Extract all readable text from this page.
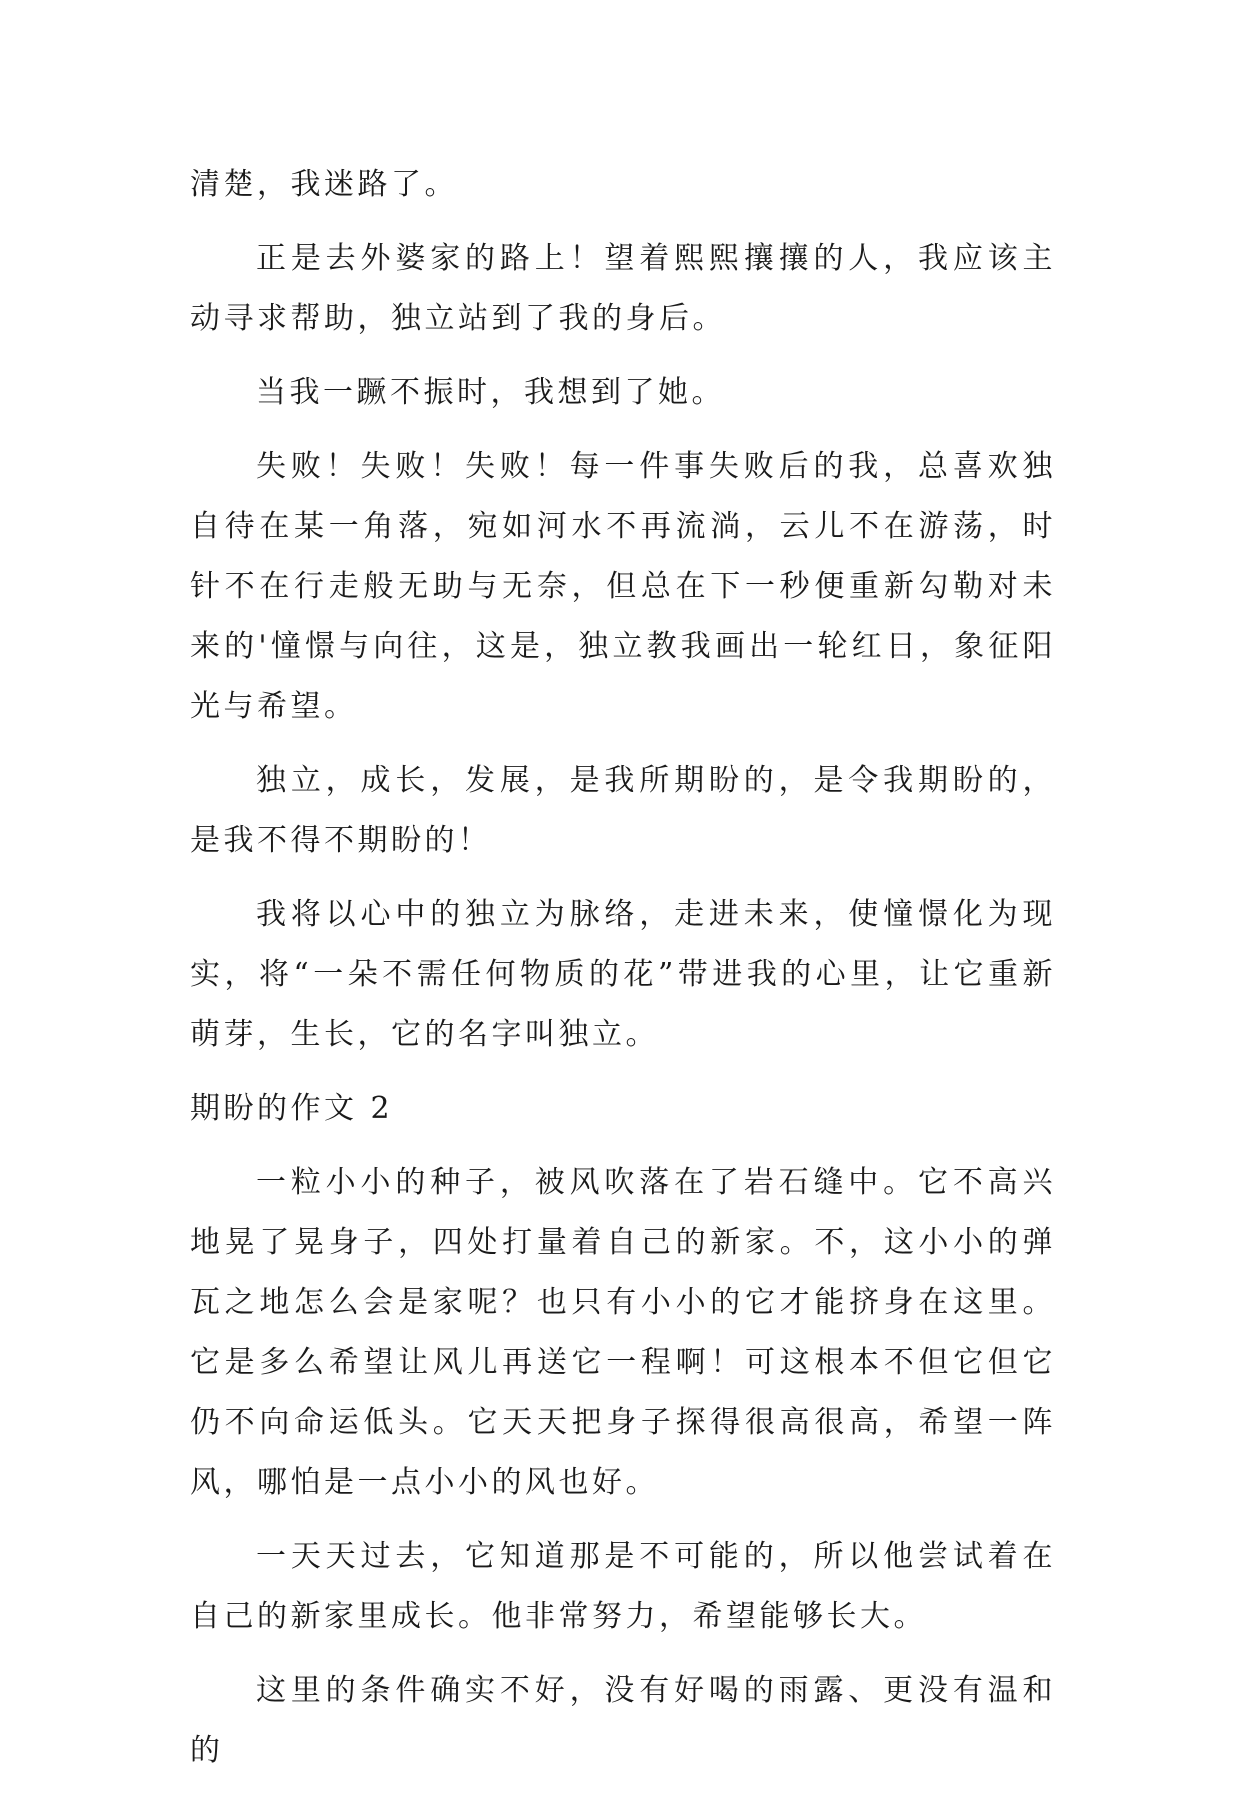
清楚，我迷路了。

正是去外婆家的路上！望着熙熙攘攘的人，我应该主动寻求帮助，独立站到了我的身后。

当我一蹶不振时，我想到了她。

失败！失败！失败！每一件事失败后的我，总喜欢独自待在某一角落，宛如河水不再流淌，云儿不在游荡，时针不在行走般无助与无奈，但总在下一秒便重新勾勒对未来的'憧憬与向往，这是，独立教我画出一轮红日，象征阳光与希望。

独立，成长，发展，是我所期盼的，是令我期盼的，是我不得不期盼的！

我将以心中的独立为脉络，走进未来，使憧憬化为现实，将“一朵不需任何物质的花”带进我的心里，让它重新萌芽，生长，它的名字叫独立。

期盼的作文 2

一粒小小的种子，被风吹落在了岩石缝中。它不高兴地晃了晃身子，四处打量着自己的新家。不，这小小的弹瓦之地怎么会是家呢？也只有小小的它才能挤身在这里。它是多么希望让风儿再送它一程啊！可这根本不但它但它仍不向命运低头。它天天把身子探得很高很高，希望一阵风，哪怕是一点小小的风也好。

一天天过去，它知道那是不可能的，所以他尝试着在自己的新家里成长。他非常努力，希望能够长大。

这里的条件确实不好，没有好喝的雨露、更没有温和的
